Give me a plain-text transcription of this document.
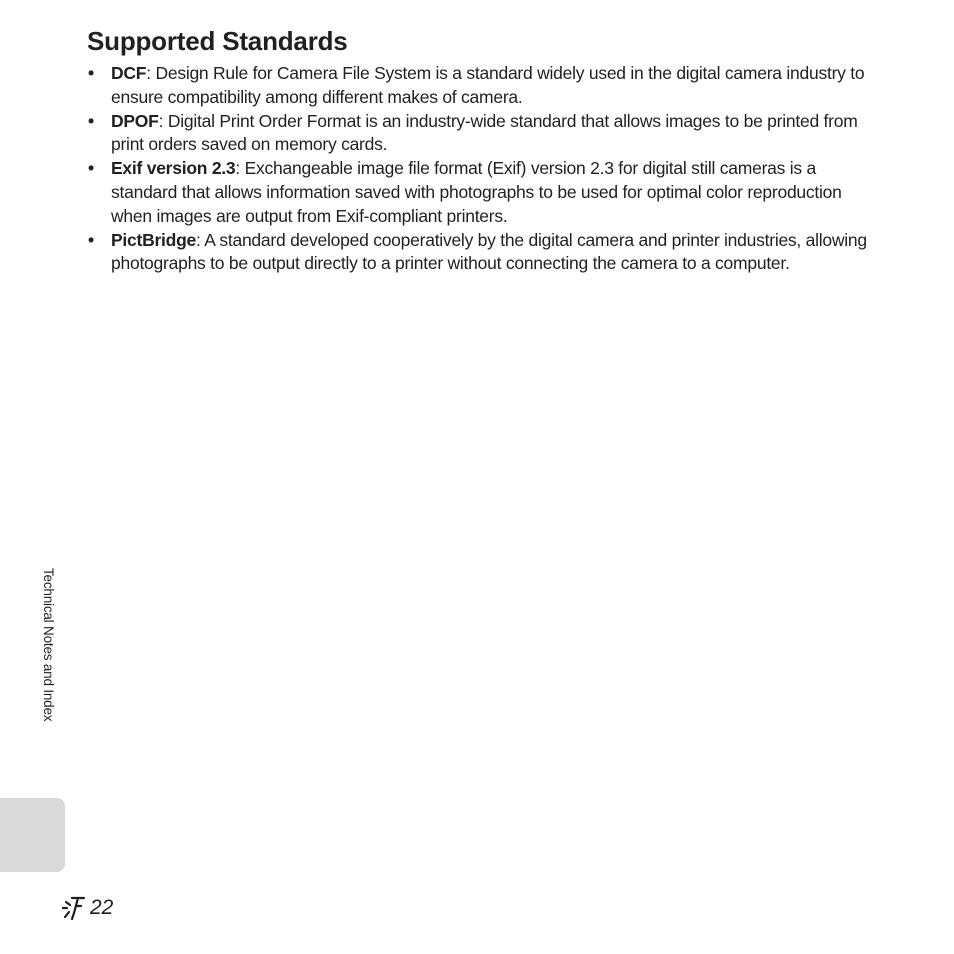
Supported Standards
• DCF: Design Rule for Camera File System is a standard widely used in the digital camera industry to ensure compatibility among different makes of camera.
• DPOF: Digital Print Order Format is an industry-wide standard that allows images to be printed from print orders saved on memory cards.
• Exif version 2.3: Exchangeable image file format (Exif) version 2.3 for digital still cameras is a standard that allows information saved with photographs to be used for optimal color reproduction when images are output from Exif-compliant printers.
• PictBridge: A standard developed cooperatively by the digital camera and printer industries, allowing photographs to be output directly to a printer without connecting the camera to a computer.
Technical Notes and Index
22
